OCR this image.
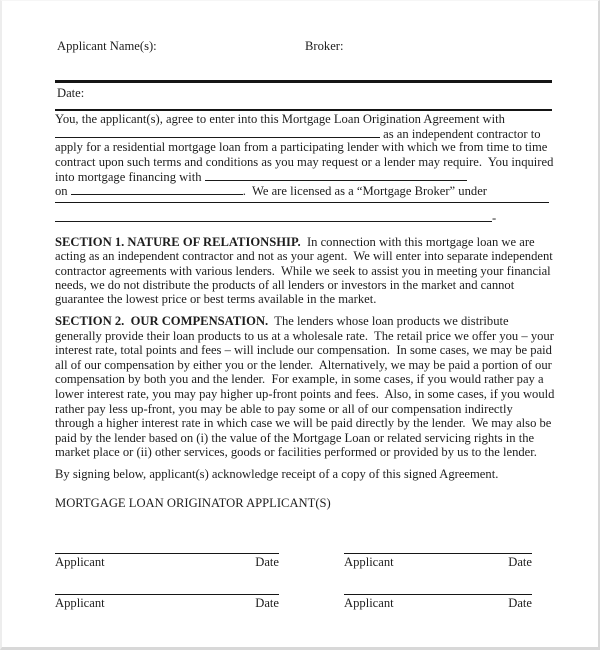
Applicant Name(s):	Broker:
Date:
You, the applicant(s), agree to enter into this Mortgage Loan Origination Agreement with
as an independent contractor to
apply for a residential mortgage loan from a participating lender with which we from time to time
contract upon such terms and conditions as you may request or a lender may require.  You inquired
into mortgage financing with
on	.  We are licensed as a “Mortgage Broker” under
-

SECTION 1. NATURE OF RELATIONSHIP.  In connection with this mortgage loan we are acting as an independent contractor and not as your agent.  We will enter into separate independent contractor agreements with various lenders.  While we seek to assist you in meeting your financial needs, we do not distribute the products of all lenders or investors in the market and cannot guarantee the lowest price or best terms available in the market.

SECTION 2.  OUR COMPENSATION.  The lenders whose loan products we distribute generally provide their loan products to us at a wholesale rate.  The retail price we offer you – your interest rate, total points and fees – will include our compensation.  In some cases, we may be paid all of our compensation by either you or the lender.  Alternatively, we may be paid a portion of our compensation by both you and the lender.  For example, in some cases, if you would rather pay a lower interest rate, you may pay higher up-front points and fees.  Also, in some cases, if you would rather pay less up-front, you may be able to pay some or all of our compensation indirectly through a higher interest rate in which case we will be paid directly by the lender.  We may also be paid by the lender based on (i) the value of the Mortgage Loan or related servicing rights in the market place or (ii) other services, goods or facilities performed or provided by us to the lender.

By signing below, applicant(s) acknowledge receipt of a copy of this signed Agreement.
MORTGAGE LOAN ORIGINATOR APPLICANT(S)
Applicant	Date	Applicant	Date
Applicant	Date	Applicant	Date
